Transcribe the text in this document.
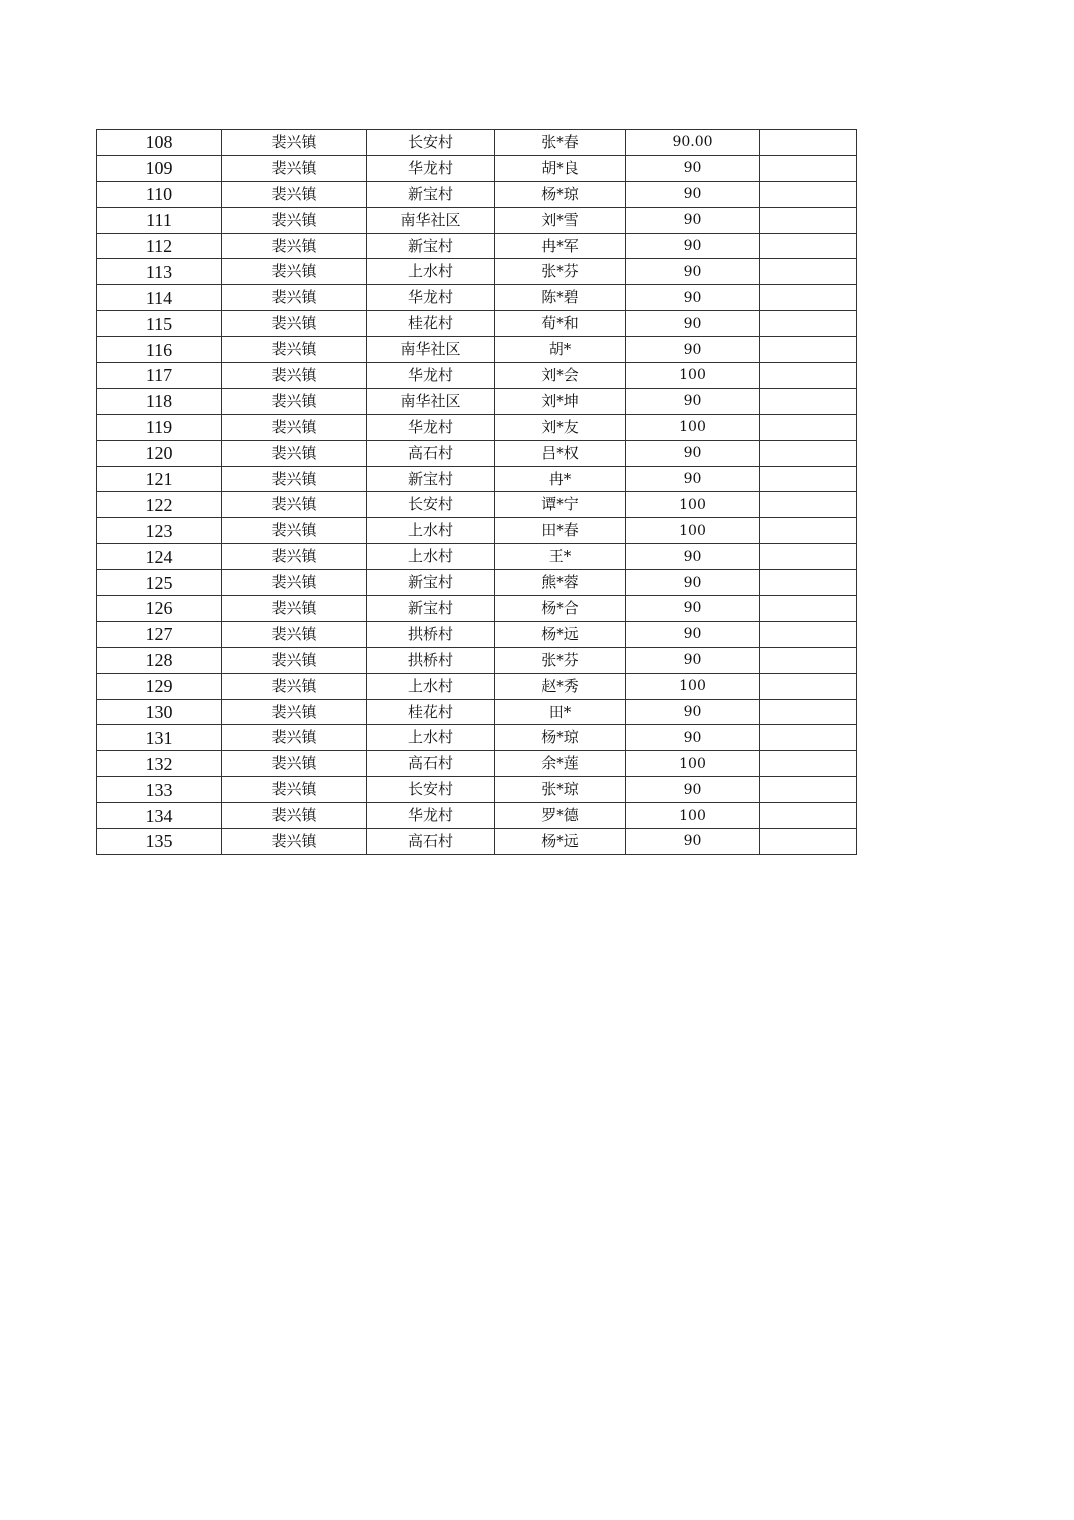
108	裴兴镇	长安村	张*春	90.00	
109	裴兴镇	华龙村	胡*良	90	
110	裴兴镇	新宝村	杨*琼	90	
111	裴兴镇	南华社区	刘*雪	90	
112	裴兴镇	新宝村	冉*军	90	
113	裴兴镇	上水村	张*芬	90	
114	裴兴镇	华龙村	陈*碧	90	
115	裴兴镇	桂花村	荀*和	90	
116	裴兴镇	南华社区	胡*	90	
117	裴兴镇	华龙村	刘*会	100	
118	裴兴镇	南华社区	刘*坤	90	
119	裴兴镇	华龙村	刘*友	100	
120	裴兴镇	高石村	吕*权	90	
121	裴兴镇	新宝村	冉*	90	
122	裴兴镇	长安村	谭*宁	100	
123	裴兴镇	上水村	田*春	100	
124	裴兴镇	上水村	王*	90	
125	裴兴镇	新宝村	熊*蓉	90	
126	裴兴镇	新宝村	杨*合	90	
127	裴兴镇	拱桥村	杨*远	90	
128	裴兴镇	拱桥村	张*芬	90	
129	裴兴镇	上水村	赵*秀	100	
130	裴兴镇	桂花村	田*	90	
131	裴兴镇	上水村	杨*琼	90	
132	裴兴镇	高石村	余*莲	100	
133	裴兴镇	长安村	张*琼	90	
134	裴兴镇	华龙村	罗*德	100	
135	裴兴镇	高石村	杨*远	90	
